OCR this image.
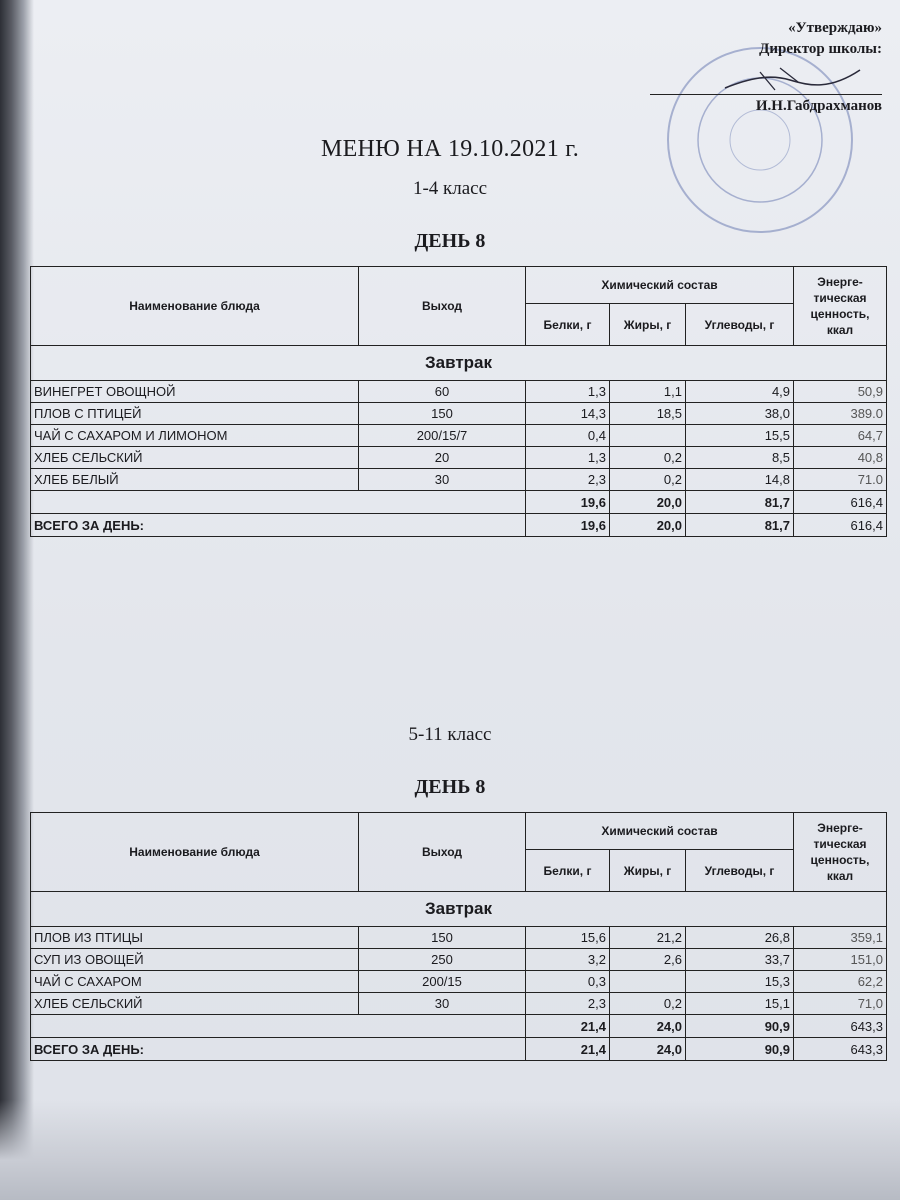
«Утверждаю»
Директор школы:
И.Н.Габдрахманов
МЕНЮ НА 19.10.2021 г.
1-4 класс
ДЕНЬ 8
Наименование блюда	Выход	Химический состав			Энерге-тическая ценность, ккал
		Белки, г	Жиры, г	Углеводы, г	
Завтрак					
ВИНЕГРЕТ ОВОЩНОЙ	60	1,3	1,1	4,9	50,9
ПЛОВ С ПТИЦЕЙ	150	14,3	18,5	38,0	389.0
ЧАЙ С САХАРОМ И ЛИМОНОМ	200/15/7	0,4		15,5	64,7
ХЛЕБ СЕЛЬСКИЙ	20	1,3	0,2	8,5	40,8
ХЛЕБ БЕЛЫЙ	30	2,3	0,2	14,8	71.0
		19,6	20,0	81,7	616,4
ВСЕГО ЗА ДЕНЬ:		19,6	20,0	81,7	616,4
5-11 класс
ДЕНЬ 8
Наименование блюда	Выход	Химический состав			Энерге-тическая ценность, ккал
		Белки, г	Жиры, г	Углеводы, г	
Завтрак					
ПЛОВ ИЗ ПТИЦЫ	150	15,6	21,2	26,8	359,1
СУП ИЗ ОВОЩЕЙ	250	3,2	2,6	33,7	151,0
ЧАЙ С САХАРОМ	200/15	0,3		15,3	62,2
ХЛЕБ СЕЛЬСКИЙ	30	2,3	0,2	15,1	71,0
		21,4	24,0	90,9	643,3
ВСЕГО ЗА ДЕНЬ:		21,4	24,0	90,9	643,3
